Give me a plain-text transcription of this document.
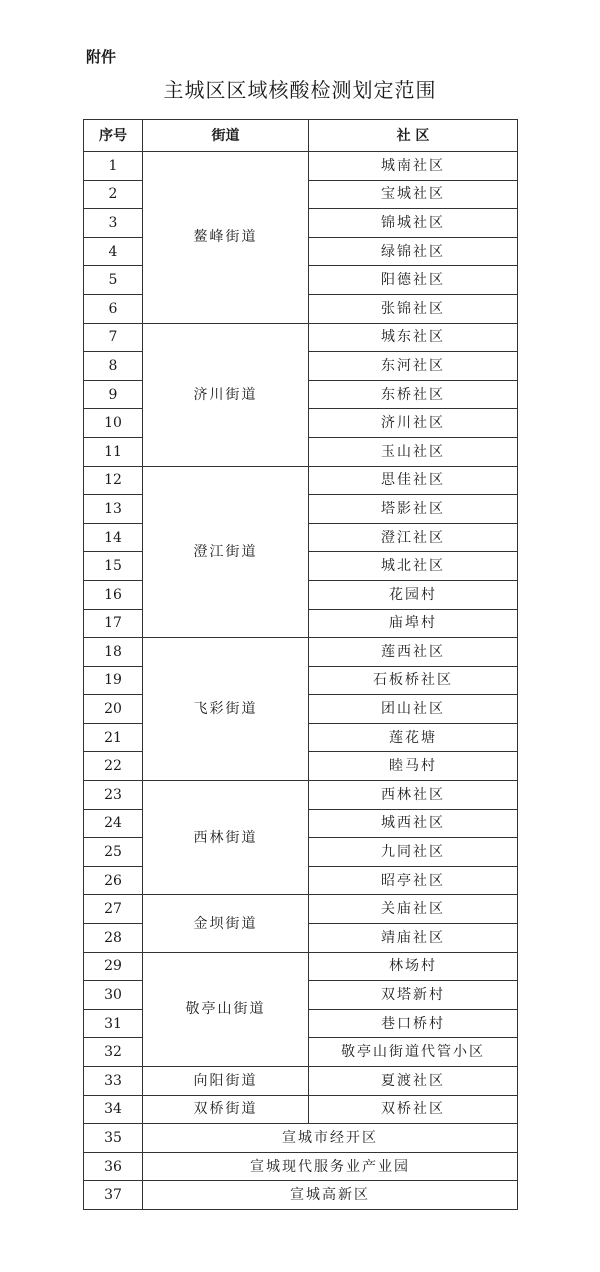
附件
主城区区域核酸检测划定范围
序号	街道	社 区
1	鳌峰街道	城南社区
2		宝城社区
3		锦城社区
4		绿锦社区
5		阳德社区
6		张锦社区
7	济川街道	城东社区
8		东河社区
9		东桥社区
10		济川社区
11		玉山社区
12	澄江街道	思佳社区
13		塔影社区
14		澄江社区
15		城北社区
16		花园村
17		庙埠村
18	飞彩街道	莲西社区
19		石板桥社区
20		团山社区
21		莲花塘
22		睦马村
23	西林街道	西林社区
24		城西社区
25		九同社区
26		昭亭社区
27	金坝街道	关庙社区
28		靖庙社区
29	敬亭山街道	林场村
30		双塔新村
31		巷口桥村
32		敬亭山街道代管小区
33	向阳街道	夏渡社区
34	双桥街道	双桥社区
35	宣城市经开区	
36	宣城现代服务业产业园	
37	宣城高新区	
